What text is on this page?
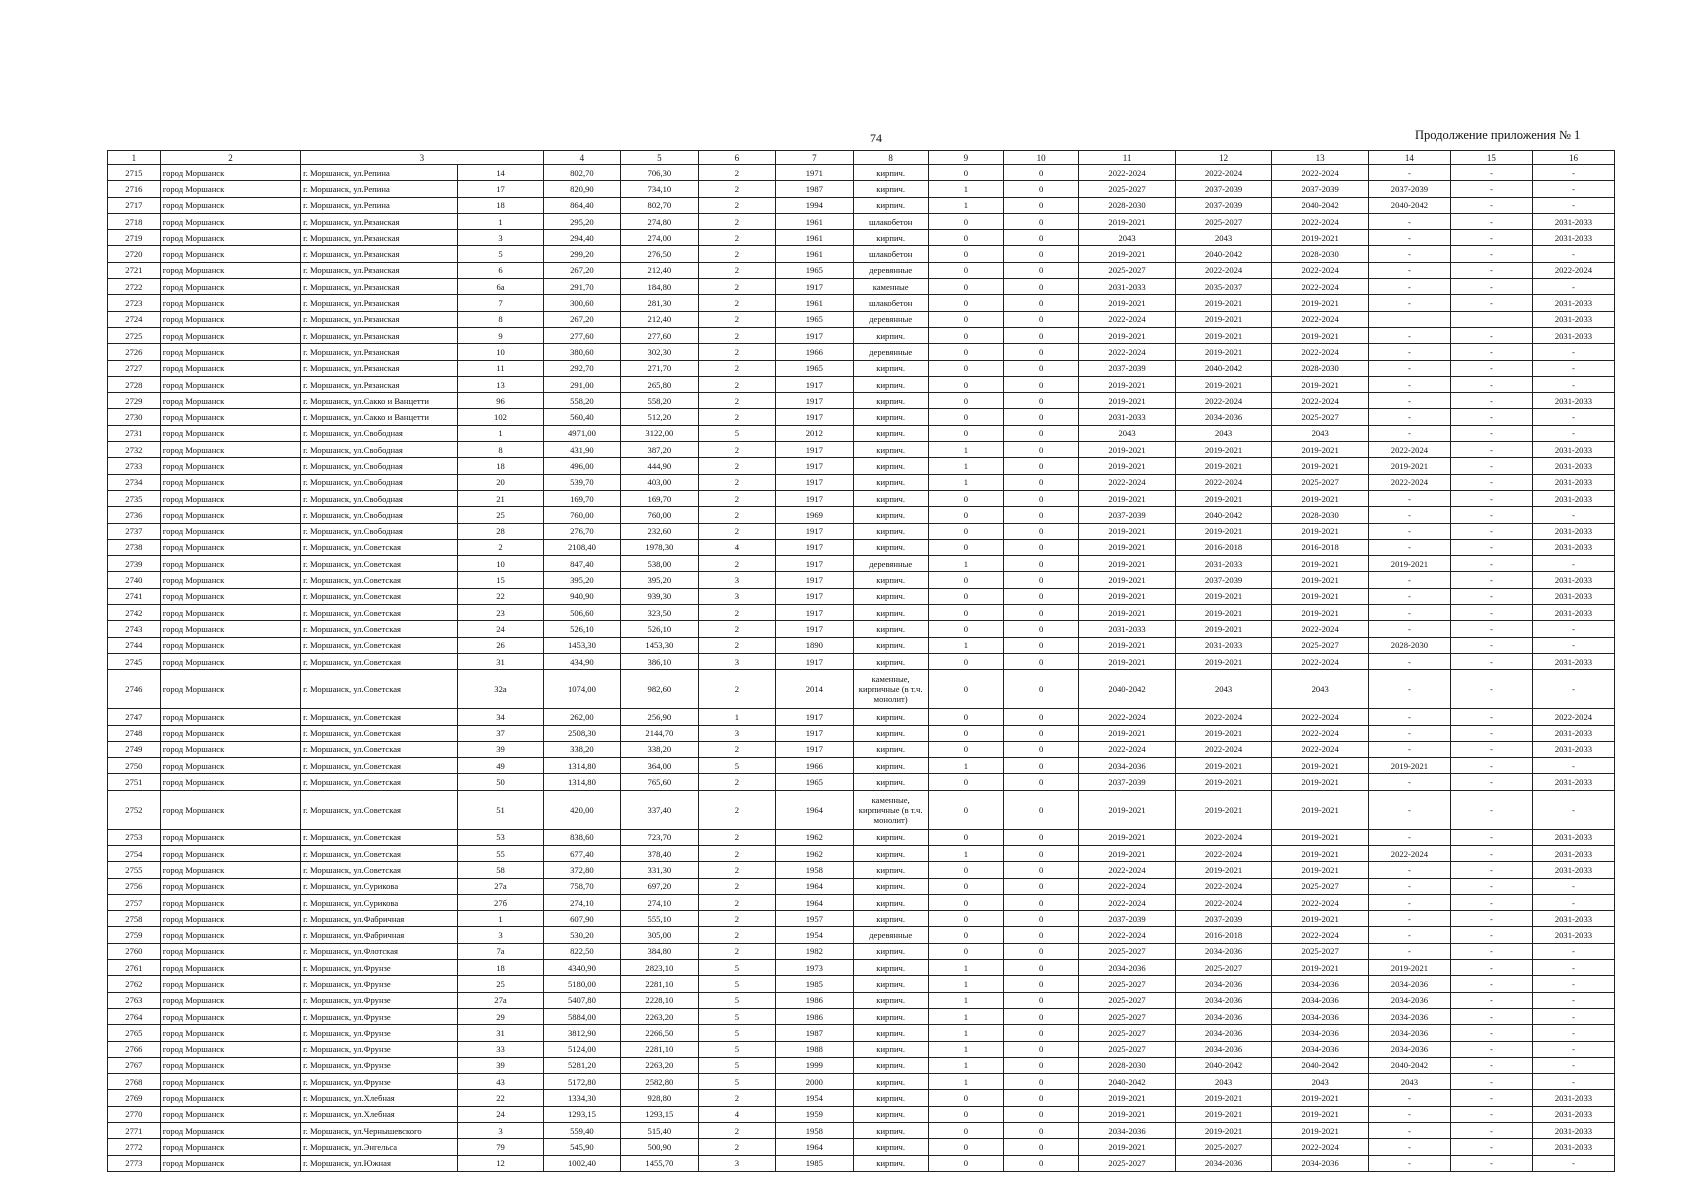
74	Продолжение приложения № 1
1	2	3		4	5	6	7	8	9	10	11	12	13	14	15	16
2715	город Моршанск	г. Моршанск, ул.Репина	14	802,70	706,30	2	1971	кирпич.	0	0	2022-2024	2022-2024	2022-2024	-	-	-
2716	город Моршанск	г. Моршанск, ул.Репина	17	820,90	734,10	2	1987	кирпич.	1	0	2025-2027	2037-2039	2037-2039	2037-2039	-	-
2717	город Моршанск	г. Моршанск, ул.Репина	18	864,40	802,70	2	1994	кирпич.	1	0	2028-2030	2037-2039	2040-2042	2040-2042	-	-
2718	город Моршанск	г. Моршанск, ул.Рязанская	1	295,20	274,80	2	1961	шлакобетон	0	0	2019-2021	2025-2027	2022-2024	-	-	2031-2033
2719	город Моршанск	г. Моршанск, ул.Рязанская	3	294,40	274,00	2	1961	кирпич.	0	0	2043	2043	2019-2021	-	-	2031-2033
2720	город Моршанск	г. Моршанск, ул.Рязанская	5	299,20	276,50	2	1961	шлакобетон	0	0	2019-2021	2040-2042	2028-2030	-	-	-
2721	город Моршанск	г. Моршанск, ул.Рязанская	6	267,20	212,40	2	1965	деревянные	0	0	2025-2027	2022-2024	2022-2024	-	-	2022-2024
2722	город Моршанск	г. Моршанск, ул.Рязанская	6а	291,70	184,80	2	1917	каменные	0	0	2031-2033	2035-2037	2022-2024	-	-	-
2723	город Моршанск	г. Моршанск, ул.Рязанская	7	300,60	281,30	2	1961	шлакобетон	0	0	2019-2021	2019-2021	2019-2021	-	-	2031-2033
2724	город Моршанск	г. Моршанск, ул.Рязанская	8	267,20	212,40	2	1965	деревянные	0	0	2022-2024	2019-2021	2022-2024			2031-2033
2725	город Моршанск	г. Моршанск, ул.Рязанская	9	277,60	277,60	2	1917	кирпич.	0	0	2019-2021	2019-2021	2019-2021	-	-	2031-2033
2726	город Моршанск	г. Моршанск, ул.Рязанская	10	380,60	302,30	2	1966	деревянные	0	0	2022-2024	2019-2021	2022-2024	-	-	-
2727	город Моршанск	г. Моршанск, ул.Рязанская	11	292,70	271,70	2	1965	кирпич.	0	0	2037-2039	2040-2042	2028-2030	-	-	-
2728	город Моршанск	г. Моршанск, ул.Рязанская	13	291,00	265,80	2	1917	кирпич.	0	0	2019-2021	2019-2021	2019-2021	-	-	-
2729	город Моршанск	г. Моршанск, ул.Сакко и Ванцетти	96	558,20	558,20	2	1917	кирпич.	0	0	2019-2021	2022-2024	2022-2024	-	-	2031-2033
2730	город Моршанск	г. Моршанск, ул.Сакко и Ванцетти	102	560,40	512,20	2	1917	кирпич.	0	0	2031-2033	2034-2036	2025-2027	-	-	-
2731	город Моршанск	г. Моршанск, ул.Свободная	1	4971,00	3122,00	5	2012	кирпич.	0	0	2043	2043	2043	-	-	-
2732	город Моршанск	г. Моршанск, ул.Свободная	8	431,90	387,20	2	1917	кирпич.	1	0	2019-2021	2019-2021	2019-2021	2022-2024	-	2031-2033
2733	город Моршанск	г. Моршанск, ул.Свободная	18	496,00	444,90	2	1917	кирпич.	1	0	2019-2021	2019-2021	2019-2021	2019-2021	-	2031-2033
2734	город Моршанск	г. Моршанск, ул.Свободная	20	539,70	403,00	2	1917	кирпич.	1	0	2022-2024	2022-2024	2025-2027	2022-2024	-	2031-2033
2735	город Моршанск	г. Моршанск, ул.Свободная	21	169,70	169,70	2	1917	кирпич.	0	0	2019-2021	2019-2021	2019-2021	-	-	2031-2033
2736	город Моршанск	г. Моршанск, ул.Свободная	25	760,00	760,00	2	1969	кирпич.	0	0	2037-2039	2040-2042	2028-2030	-	-	-
2737	город Моршанск	г. Моршанск, ул.Свободная	28	276,70	232,60	2	1917	кирпич.	0	0	2019-2021	2019-2021	2019-2021	-	-	2031-2033
2738	город Моршанск	г. Моршанск, ул.Советская	2	2108,40	1978,30	4	1917	кирпич.	0	0	2019-2021	2016-2018	2016-2018	-	-	2031-2033
2739	город Моршанск	г. Моршанск, ул.Советская	10	847,40	538,00	2	1917	деревянные	1	0	2019-2021	2031-2033	2019-2021	2019-2021	-	-
2740	город Моршанск	г. Моршанск, ул.Советская	15	395,20	395,20	3	1917	кирпич.	0	0	2019-2021	2037-2039	2019-2021	-	-	2031-2033
2741	город Моршанск	г. Моршанск, ул.Советская	22	940,90	939,30	3	1917	кирпич.	0	0	2019-2021	2019-2021	2019-2021	-	-	2031-2033
2742	город Моршанск	г. Моршанск, ул.Советская	23	506,60	323,50	2	1917	кирпич.	0	0	2019-2021	2019-2021	2019-2021	-	-	2031-2033
2743	город Моршанск	г. Моршанск, ул.Советская	24	526,10	526,10	2	1917	кирпич.	0	0	2031-2033	2019-2021	2022-2024	-	-	-
2744	город Моршанск	г. Моршанск, ул.Советская	26	1453,30	1453,30	2	1890	кирпич.	1	0	2019-2021	2031-2033	2025-2027	2028-2030	-	-
2745	город Моршанск	г. Моршанск, ул.Советская	31	434,90	386,10	3	1917	кирпич.	0	0	2019-2021	2019-2021	2022-2024	-	-	2031-2033
2746	город Моршанск	г. Моршанск, ул.Советская	32а	1074,00	982,60	2	2014	каменные, кирпичные (в т.ч. монолит)	0	0	2040-2042	2043	2043	-	-	-
2747	город Моршанск	г. Моршанск, ул.Советская	34	262,00	256,90	1	1917	кирпич.	0	0	2022-2024	2022-2024	2022-2024	-	-	2022-2024
2748	город Моршанск	г. Моршанск, ул.Советская	37	2508,30	2144,70	3	1917	кирпич.	0	0	2019-2021	2019-2021	2022-2024	-	-	2031-2033
2749	город Моршанск	г. Моршанск, ул.Советская	39	338,20	338,20	2	1917	кирпич.	0	0	2022-2024	2022-2024	2022-2024	-	-	2031-2033
2750	город Моршанск	г. Моршанск, ул.Советская	49	1314,80	364,00	5	1966	кирпич.	1	0	2034-2036	2019-2021	2019-2021	2019-2021	-	-
2751	город Моршанск	г. Моршанск, ул.Советская	50	1314,80	765,60	2	1965	кирпич.	0	0	2037-2039	2019-2021	2019-2021	-	-	2031-2033
2752	город Моршанск	г. Моршанск, ул.Советская	51	420,00	337,40	2	1964	каменные, кирпичные (в т.ч. монолит)	0	0	2019-2021	2019-2021	2019-2021	-	-	-
2753	город Моршанск	г. Моршанск, ул.Советская	53	838,60	723,70	2	1962	кирпич.	0	0	2019-2021	2022-2024	2019-2021	-	-	2031-2033
2754	город Моршанск	г. Моршанск, ул.Советская	55	677,40	378,40	2	1962	кирпич.	1	0	2019-2021	2022-2024	2019-2021	2022-2024	-	2031-2033
2755	город Моршанск	г. Моршанск, ул.Советская	58	372,80	331,30	2	1958	кирпич.	0	0	2022-2024	2019-2021	2019-2021	-	-	2031-2033
2756	город Моршанск	г. Моршанск, ул.Сурикова	27а	758,70	697,20	2	1964	кирпич.	0	0	2022-2024	2022-2024	2025-2027	-	-	-
2757	город Моршанск	г. Моршанск, ул.Сурикова	27б	274,10	274,10	2	1964	кирпич.	0	0	2022-2024	2022-2024	2022-2024	-	-	-
2758	город Моршанск	г. Моршанск, ул.Фабричная	1	607,90	555,10	2	1957	кирпич.	0	0	2037-2039	2037-2039	2019-2021	-	-	2031-2033
2759	город Моршанск	г. Моршанск, ул.Фабричная	3	530,20	305,00	2	1954	деревянные	0	0	2022-2024	2016-2018	2022-2024	-	-	2031-2033
2760	город Моршанск	г. Моршанск, ул.Флотская	7а	822,50	384,80	2	1982	кирпич.	0	0	2025-2027	2034-2036	2025-2027	-	-	-
2761	город Моршанск	г. Моршанск, ул.Фрунзе	18	4340,90	2823,10	5	1973	кирпич.	1	0	2034-2036	2025-2027	2019-2021	2019-2021	-	-
2762	город Моршанск	г. Моршанск, ул.Фрунзе	25	5180,00	2281,10	5	1985	кирпич.	1	0	2025-2027	2034-2036	2034-2036	2034-2036	-	-
2763	город Моршанск	г. Моршанск, ул.Фрунзе	27а	5407,80	2228,10	5	1986	кирпич.	1	0	2025-2027	2034-2036	2034-2036	2034-2036	-	-
2764	город Моршанск	г. Моршанск, ул.Фрунзе	29	5884,00	2263,20	5	1986	кирпич.	1	0	2025-2027	2034-2036	2034-2036	2034-2036	-	-
2765	город Моршанск	г. Моршанск, ул.Фрунзе	31	3812,90	2266,50	5	1987	кирпич.	1	0	2025-2027	2034-2036	2034-2036	2034-2036	-	-
2766	город Моршанск	г. Моршанск, ул.Фрунзе	33	5124,00	2281,10	5	1988	кирпич.	1	0	2025-2027	2034-2036	2034-2036	2034-2036	-	-
2767	город Моршанск	г. Моршанск, ул.Фрунзе	39	5281,20	2263,20	5	1999	кирпич.	1	0	2028-2030	2040-2042	2040-2042	2040-2042	-	-
2768	город Моршанск	г. Моршанск, ул.Фрунзе	43	5172,80	2582,80	5	2000	кирпич.	1	0	2040-2042	2043	2043	2043	-	-
2769	город Моршанск	г. Моршанск, ул.Хлебная	22	1334,30	928,80	2	1954	кирпич.	0	0	2019-2021	2019-2021	2019-2021	-	-	2031-2033
2770	город Моршанск	г. Моршанск, ул.Хлебная	24	1293,15	1293,15	4	1959	кирпич.	0	0	2019-2021	2019-2021	2019-2021	-	-	2031-2033
2771	город Моршанск	г. Моршанск, ул.Чернышевского	3	559,40	515,40	2	1958	кирпич.	0	0	2034-2036	2019-2021	2019-2021	-	-	2031-2033
2772	город Моршанск	г. Моршанск, ул.Энгельса	79	545,90	500,90	2	1964	кирпич.	0	0	2019-2021	2025-2027	2022-2024	-	-	2031-2033
2773	город Моршанск	г. Моршанск, ул.Южная	12	1002,40	1455,70	3	1985	кирпич.	0	0	2025-2027	2034-2036	2034-2036	-	-	-
